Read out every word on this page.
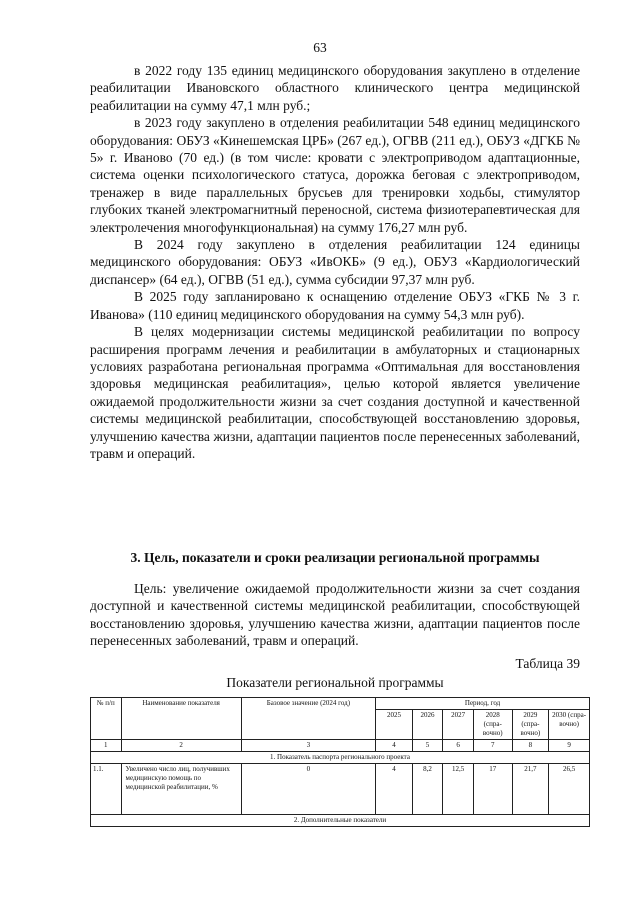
63

в 2022 году 135 единиц медицинского оборудования закуплено в отделение реабилитации Ивановского областного клинического центра медицинской реабилитации на сумму 47,1 млн руб.;

в 2023 году закуплено в отделения реабилитации 548 единиц медицинского оборудования: ОБУЗ «Кинешемская ЦРБ» (267 ед.), ОГВВ (211 ед.), ОБУЗ «ДГКБ № 5» г. Иваново (70 ед.) (в том числе: кровати с электроприводом адаптационные, система оценки психологического статуса, дорожка беговая с электроприводом, тренажер в виде параллельных брусьев для тренировки ходьбы, стимулятор глубоких тканей электромагнитный переносной, система физиотерапевтическая для электролечения многофункциональная) на сумму 176,27 млн руб.

В 2024 году закуплено в отделения реабилитации 124 единицы медицинского оборудования: ОБУЗ «ИвОКБ» (9 ед.), ОБУЗ «Кардиологический диспансер» (64 ед.), ОГВВ (51 ед.), сумма субсидии 97,37 млн руб.

В 2025 году запланировано к оснащению отделение ОБУЗ «ГКБ № 3 г. Иванова» (110 единиц медицинского оборудования на сумму 54,3 млн руб).

В целях модернизации системы медицинской реабилитации по вопросу расширения программ лечения и реабилитации в амбулаторных и стационарных условиях разработана региональная программа «Оптимальная для восстановления здоровья медицинская реабилитация», целью которой является увеличение ожидаемой продолжительности жизни за счет создания доступной и качественной системы медицинской реабилитации, способствующей восстановлению здоровья, улучшению качества жизни, адаптации пациентов после перенесенных заболеваний, травм и операций.

3. Цель, показатели и сроки реализации региональной программы

Цель: увеличение ожидаемой продолжительности жизни за счет создания доступной и качественной системы медицинской реабилитации, способствующей восстановлению здоровья, улучшению качества жизни, адаптации пациентов после перенесенных заболеваний, травм и операций.

Таблица 39
Показатели региональной программы
№ п/п	Наименование показателя	Базовое значение (2024 год)	Период, год					
			2025	2026	2027	2028 (спра-вочно)	2029 (спра-вочно)	2030 (спра-вочно)
1	2	3	4	5	6	7	8	9
1. Показатель паспорта регионального проекта								
1.1.	Увеличено число лиц, получивших медицинскую помощь по медицинской реабилитации, %	0	4	8,2	12,5	17	21,7	26,5
2. Дополнительные показатели								
